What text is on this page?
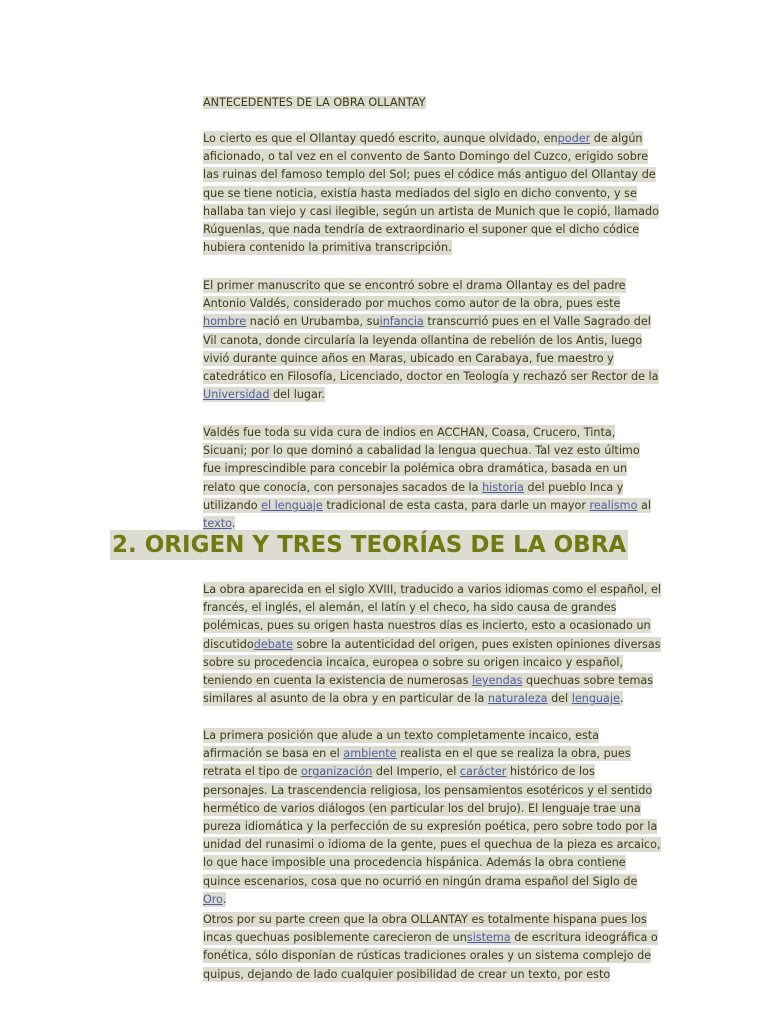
ANTECEDENTES DE LA OBRA OLLANTAY

Lo cierto es que el Ollantay quedó escrito, aunque olvidado, enpoder de algún aficionado, o tal vez en el convento de Santo Domingo del Cuzco, erigido sobre las ruinas del famoso templo del Sol; pues el códice más antiguo del Ollantay de que se tiene noticia, existía hasta mediados del siglo en dicho convento, y se hallaba tan viejo y casi ilegible, según un artista de Munich que le copió, llamado Rúguenlas, que nada tendría de extraordinario el suponer que el dicho códice hubiera contenido la primitiva transcripción.

El primer manuscrito que se encontró sobre el drama Ollantay es del padre Antonio Valdés, considerado por muchos como autor de la obra, pues este hombre nació en Urubamba, suinfancia transcurrió pues en el Valle Sagrado del Vil canota, donde circularía la leyenda ollantina de rebelión de los Antis, luego vivió durante quince años en Maras, ubicado en Carabaya, fue maestro y catedrático en Filosofía, Licenciado, doctor en Teología y rechazó ser Rector de la Universidad del lugar.

Valdés fue toda su vida cura de indios en ACCHAN, Coasa, Crucero, Tinta, Sicuani; por lo que dominó a cabalidad la lengua quechua. Tal vez esto último fue imprescindible para concebir la polémica obra dramática, basada en un relato que conocía, con personajes sacados de la historia del pueblo Inca y utilizando el lenguaje tradicional de esta casta, para darle un mayor realismo al texto.

2. ORIGEN Y TRES TEORÍAS DE LA OBRA

La obra aparecida en el siglo XVIII, traducido a varios idiomas como el español, el francés, el inglés, el alemán, el latín y el checo, ha sido causa de grandes polémicas, pues su origen hasta nuestros días es incierto, esto a ocasionado un discutidodebate sobre la autenticidad del origen, pues existen opiniones diversas sobre su procedencia incaica, europea o sobre su origen incaico y español, teniendo en cuenta la existencia de numerosas leyendas quechuas sobre temas similares al asunto de la obra y en particular de la naturaleza del lenguaje.

La primera posición que alude a un texto completamente incaico, esta afirmación se basa en el ambiente realista en el que se realiza la obra, pues retrata el tipo de organización del Imperio, el carácter histórico de los personajes. La trascendencia religiosa, los pensamientos esotéricos y el sentido hermético de varios diálogos (en particular los del brujo). El lenguaje trae una pureza idiomática y la perfección de su expresión poética, pero sobre todo por la unidad del runasimi o idioma de la gente, pues el quechua de la pieza es arcaico, lo que hace imposible una procedencia hispánica. Además la obra contiene quince escenarios, cosa que no ocurrió en ningún drama español del Siglo de Oro.

Otros por su parte creen que la obra OLLANTAY es totalmente hispana pues los incas quechuas posiblemente carecieron de unsistema de escritura ideográfica o fonética, sólo disponían de rústicas tradiciones orales y un sistema complejo de quipus, dejando de lado cualquier posibilidad de crear un texto, por esto
